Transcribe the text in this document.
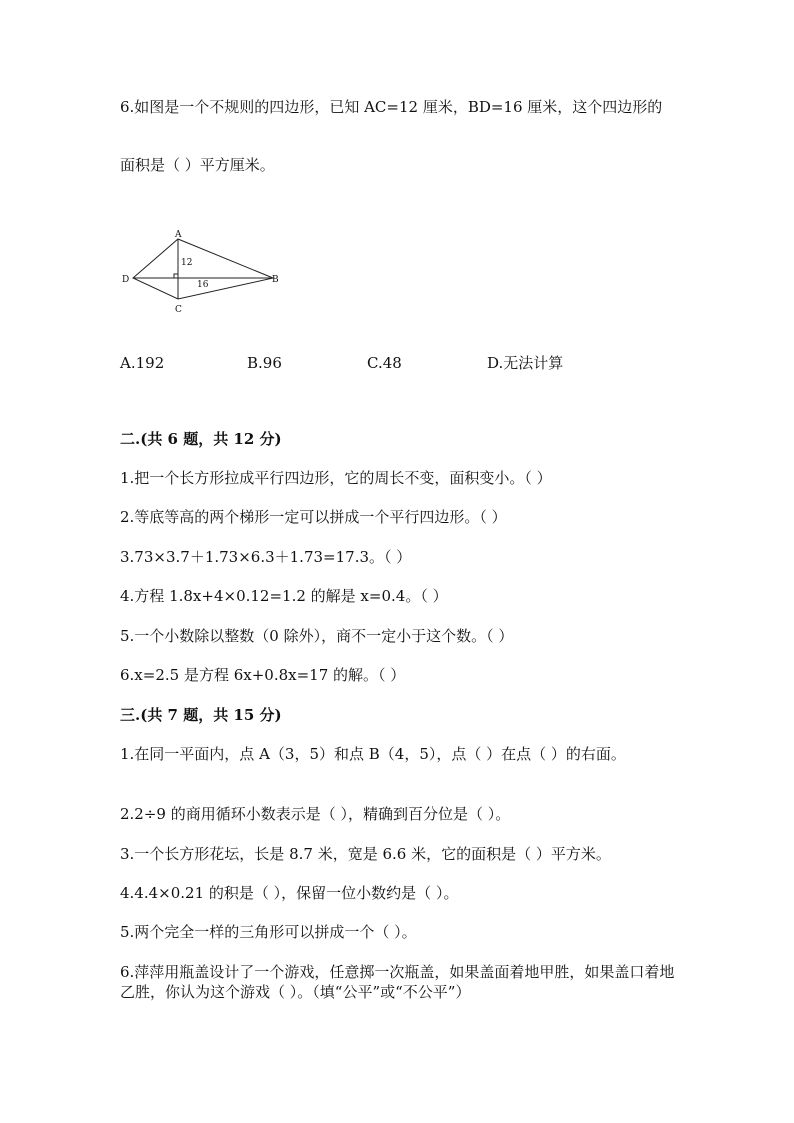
6.如图是一个不规则的四边形，已知 AC=12 厘米，BD=16 厘米，这个四边形的
面积是（ ）平方厘米。
A
B
C
D
12
16
A.192	B.96	C.48	D.无法计算
二.(共 6 题，共 12 分)
1.把一个长方形拉成平行四边形，它的周长不变，面积变小。（ ）
2.等底等高的两个梯形一定可以拼成一个平行四边形。（ ）
3.73×3.7＋1.73×6.3＋1.73=17.3。（ ）
4.方程 1.8x+4×0.12=1.2 的解是 x=0.4。（ ）
5.一个小数除以整数（0 除外），商不一定小于这个数。（ ）
6.x=2.5 是方程 6x+0.8x=17 的解。（ ）
三.(共 7 题，共 15 分)
1.在同一平面内，点 A（3，5）和点 B（4，5），点（ ）在点（ ）的右面。
2.2÷9 的商用循环小数表示是（ ），精确到百分位是（ ）。
3.一个长方形花坛，长是 8.7 米，宽是 6.6 米，它的面积是（ ）平方米。
4.4.4×0.21 的积是（ ），保留一位小数约是（ ）。
5.两个完全一样的三角形可以拼成一个（ ）。
6.萍萍用瓶盖设计了一个游戏，任意掷一次瓶盖，如果盖面着地甲胜，如果盖口着地乙胜，你认为这个游戏（ ）。（填“公平”或“不公平”）
